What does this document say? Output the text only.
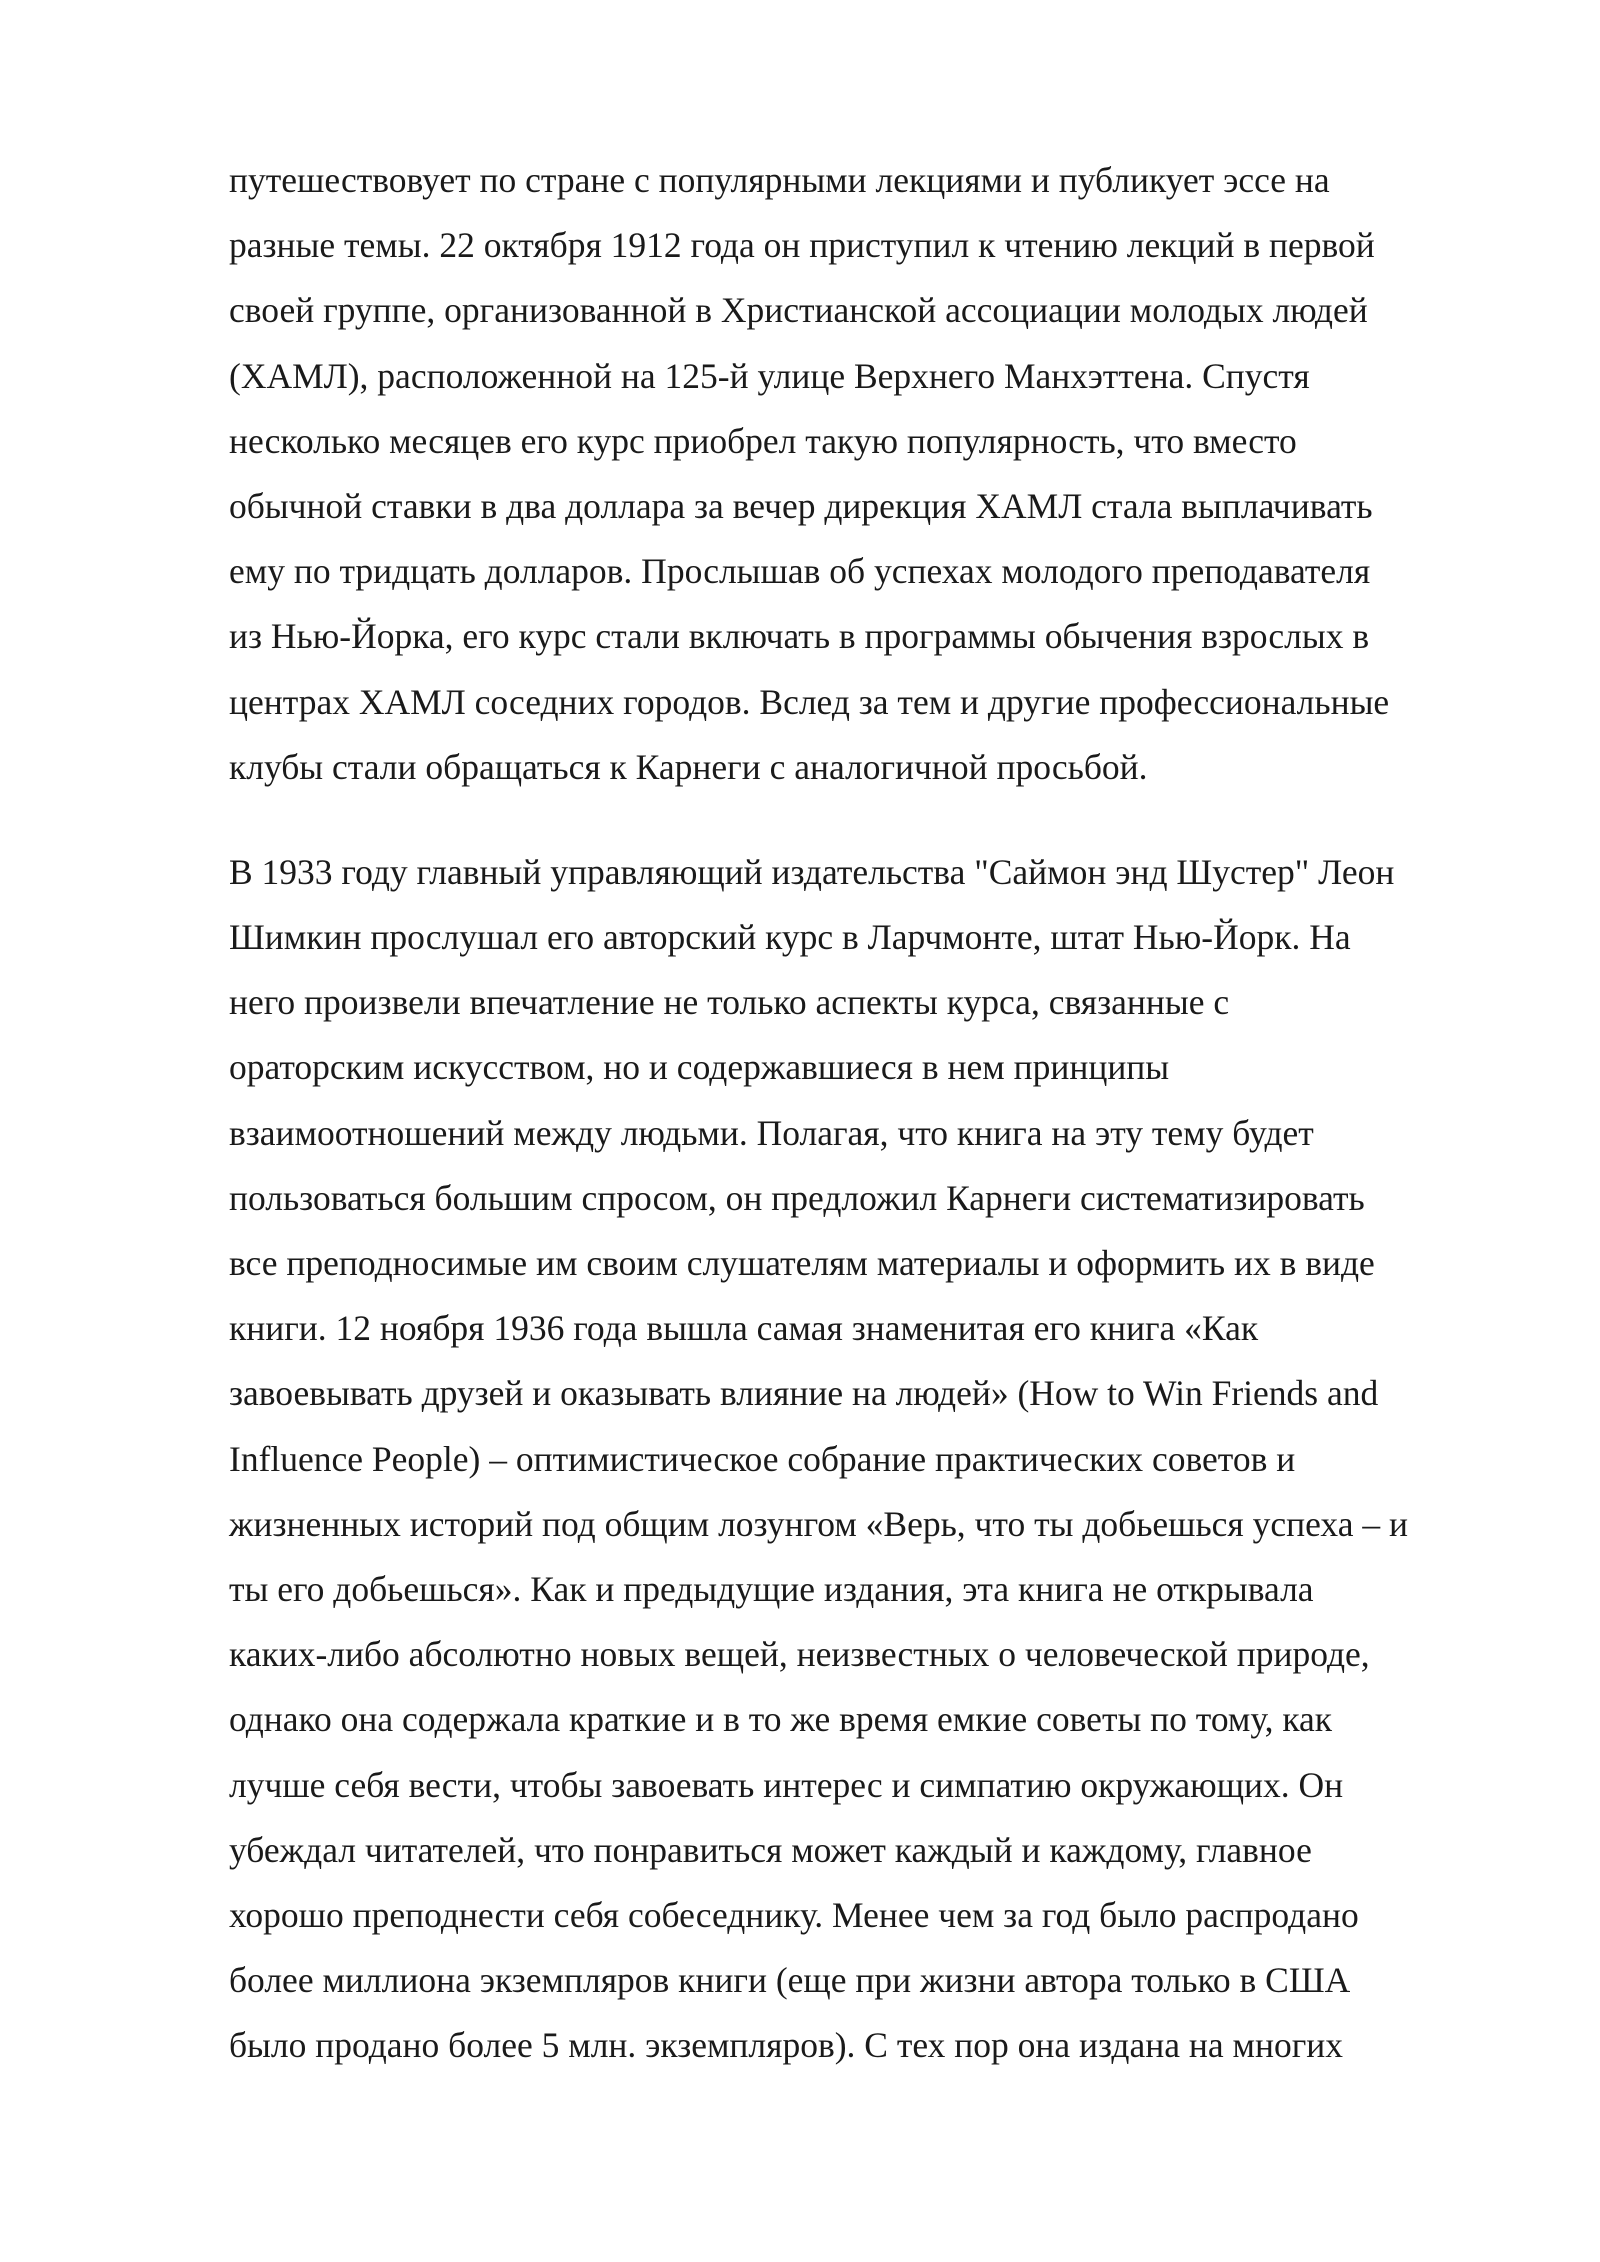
путешествовует по стране с популярными лекциями и публикует эссе на
разные темы. 22 октября 1912 года он приступил к чтению лекций в первой
своей группе, организованной в Христианской ассоциации молодых людей
(ХАМЛ), расположенной на 125-й улице Верхнего Манхэттена. Спустя
несколько месяцев его курс приобрел такую популярность, что вместо
обычной ставки в два доллара за вечер дирекция ХАМЛ стала выплачивать
ему по тридцать долларов. Прослышав об успехах молодого преподавателя
из Нью-Йорка, его курс стали включать в программы обычения взрослых в
центрах ХАМЛ соседних городов. Вслед за тем и другие профессиональные
клубы стали обращаться к Карнеги с аналогичной просьбой.

В 1933 году главный управляющий издательства "Саймон энд Шустер" Леон
Шимкин прослушал его авторский курс в Ларчмонте, штат Нью-Йорк. На
него произвели впечатление не только аспекты курса, связанные с
ораторским искусством, но и содержавшиеся в нем принципы
взаимоотношений между людьми. Полагая, что книга на эту тему будет
пользоваться большим спросом, он предложил Карнеги систематизировать
все преподносимые им своим слушателям материалы и оформить их в виде
книги. 12 ноября 1936 года вышла самая знаменитая его книга «Как
завоевывать друзей и оказывать влияние на людей» (How to Win Friends and
Influence People) – оптимистическое собрание практических советов и
жизненных историй под общим лозунгом «Верь, что ты добьешься успеха – и
ты его добьешься». Как и предыдущие издания, эта книга не открывала
каких-либо абсолютно новых вещей, неизвестных о человеческой природе,
однако она содержала краткие и в то же время емкие советы по тому, как
лучше себя вести, чтобы завоевать интерес и симпатию окружающих. Он
убеждал читателей, что понравиться может каждый и каждому, главное
хорошо преподнести себя собеседнику. Менее чем за год было распродано
более миллиона экземпляров книги (еще при жизни автора только в США
было продано более 5 млн. экземпляров). С тех пор она издана на многих
